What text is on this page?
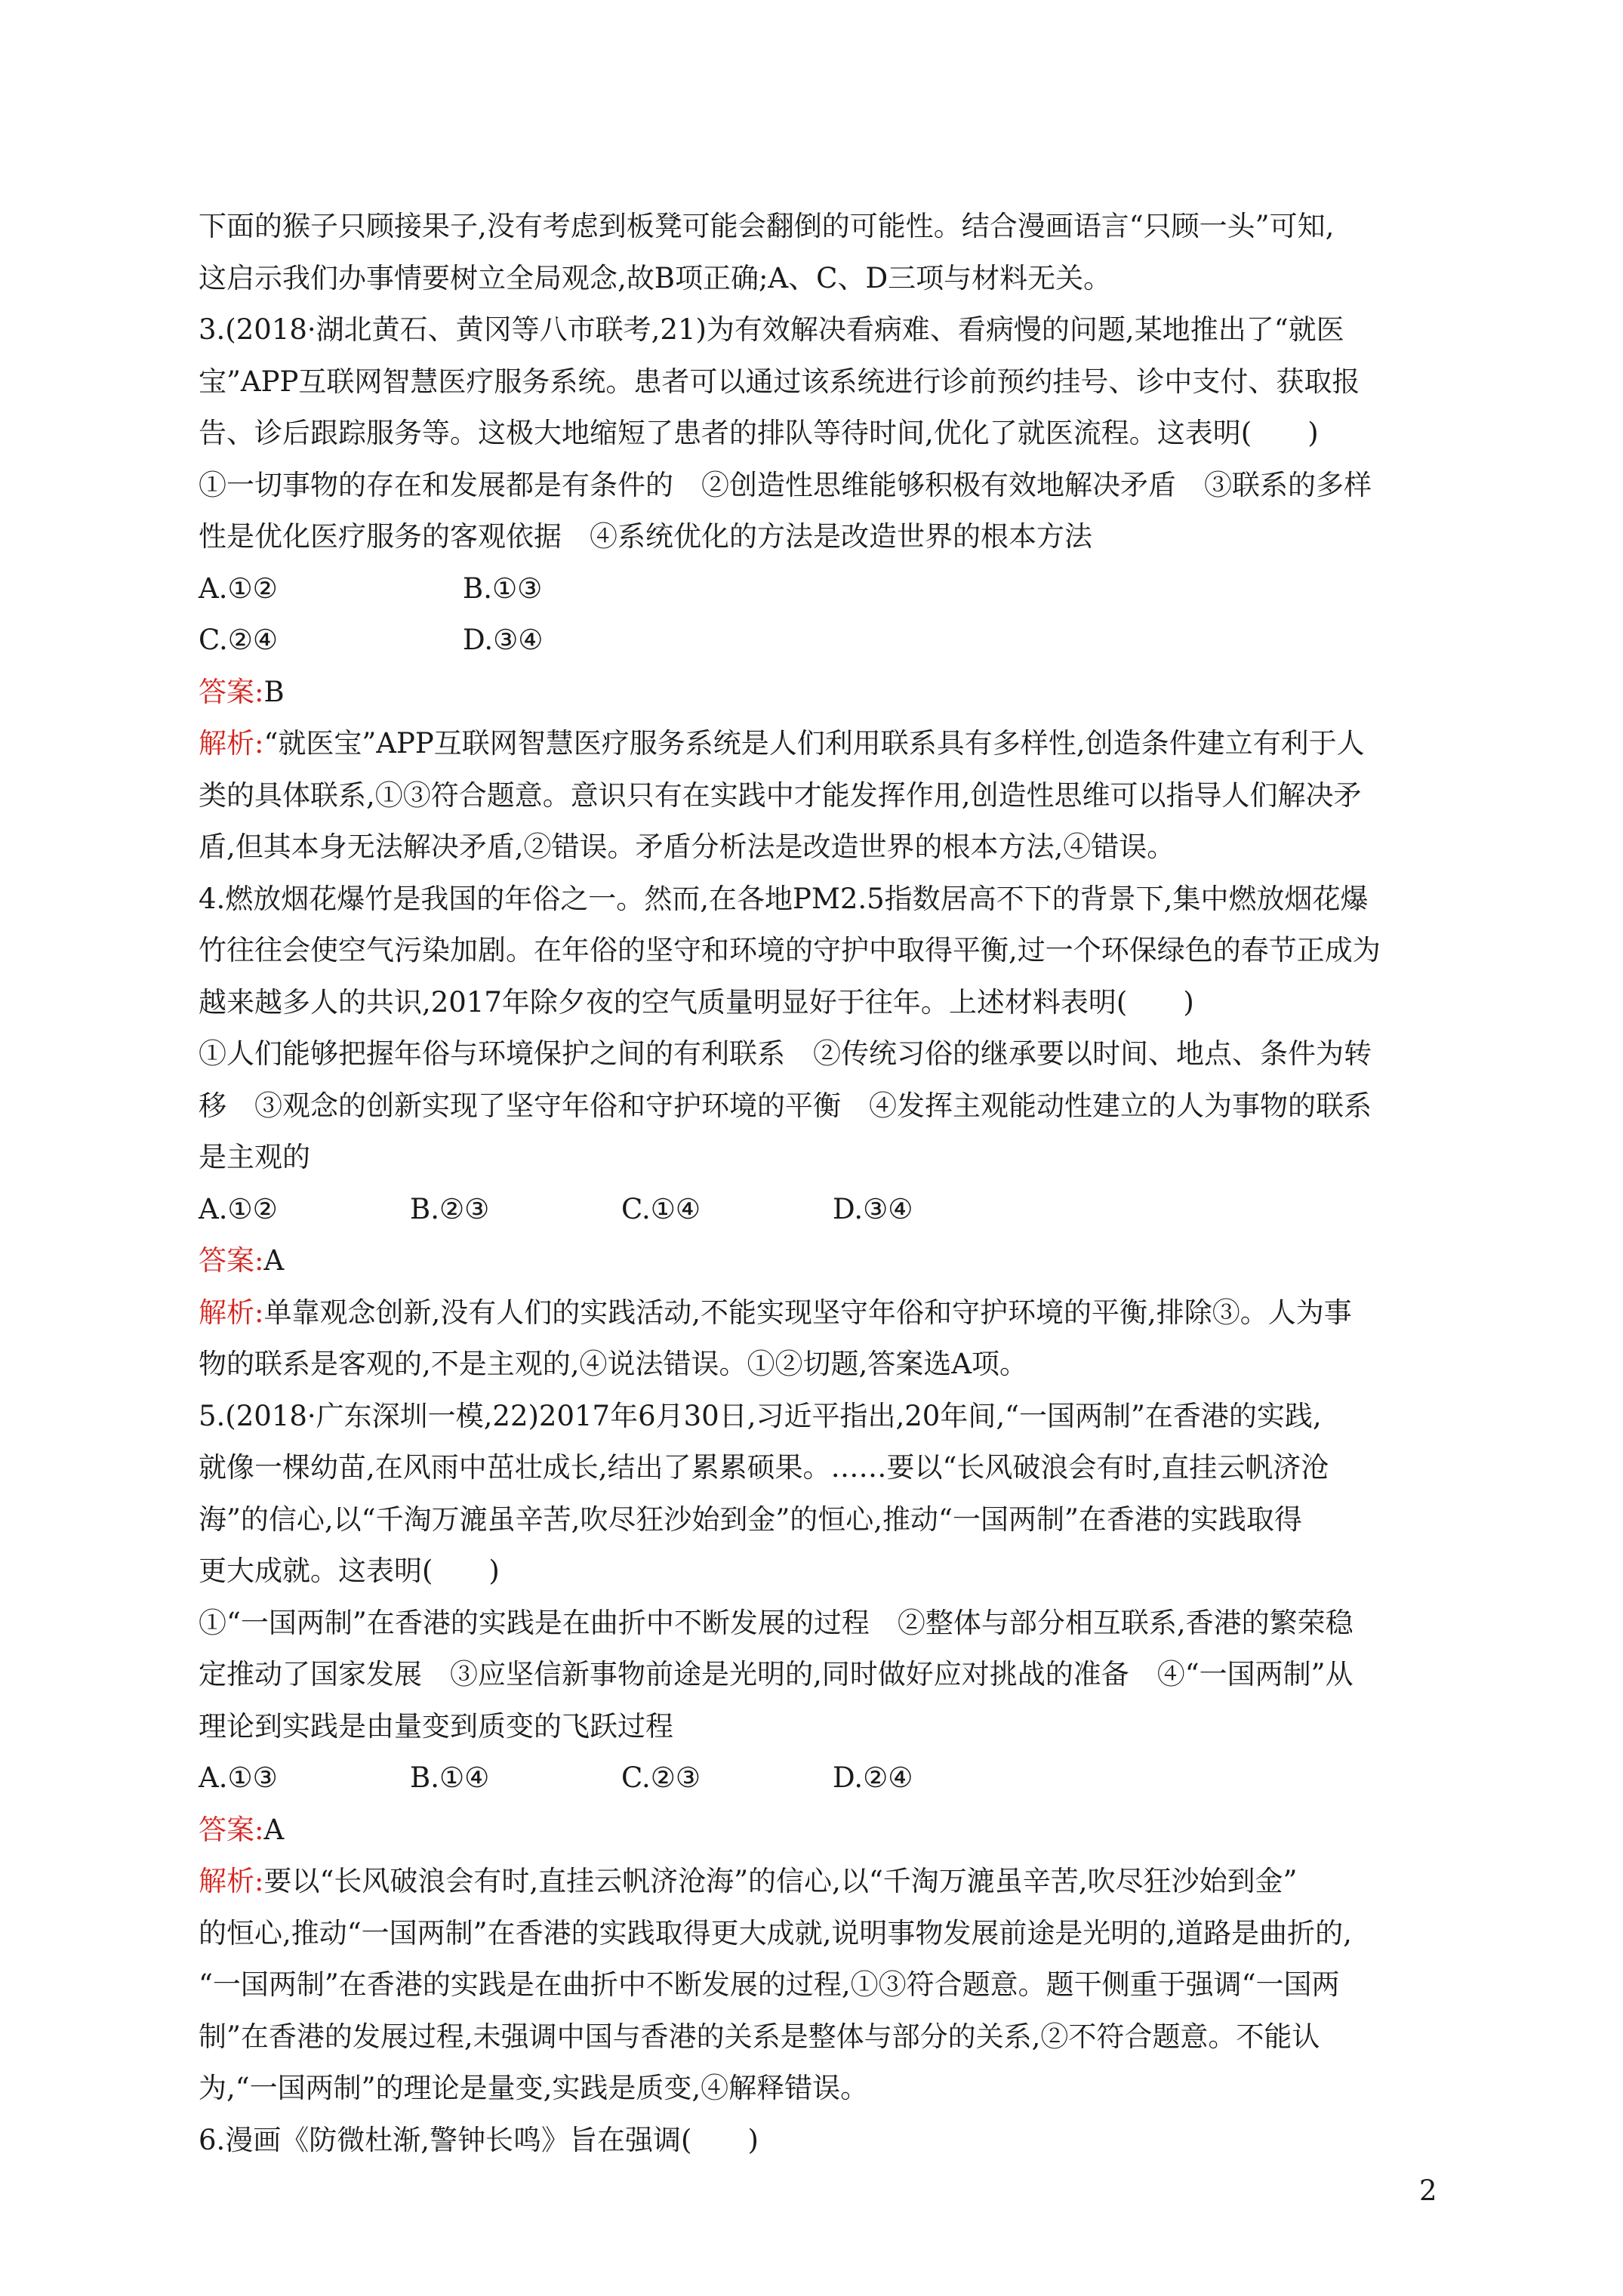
下面的猴子只顾接果子,没有考虑到板凳可能会翻倒的可能性。结合漫画语言“只顾一头”可知,
这启示我们办事情要树立全局观念,故B项正确;A、C、D三项与材料无关。
3.(2018·湖北黄石、黄冈等八市联考,21)为有效解决看病难、看病慢的问题,某地推出了“就医
宝”APP互联网智慧医疗服务系统。患者可以通过该系统进行诊前预约挂号、诊中支付、获取报
告、诊后跟踪服务等。这极大地缩短了患者的排队等待时间,优化了就医流程。这表明(　　)
①一切事物的存在和发展都是有条件的　②创造性思维能够积极有效地解决矛盾　③联系的多样
性是优化医疗服务的客观依据　④系统优化的方法是改造世界的根本方法
A.①②	B.①③
C.②④	D.③④
答案:B
解析:“就医宝”APP互联网智慧医疗服务系统是人们利用联系具有多样性,创造条件建立有利于人
类的具体联系,①③符合题意。意识只有在实践中才能发挥作用,创造性思维可以指导人们解决矛
盾,但其本身无法解决矛盾,②错误。矛盾分析法是改造世界的根本方法,④错误。
4.燃放烟花爆竹是我国的年俗之一。然而,在各地PM2.5指数居高不下的背景下,集中燃放烟花爆
竹往往会使空气污染加剧。在年俗的坚守和环境的守护中取得平衡,过一个环保绿色的春节正成为
越来越多人的共识,2017年除夕夜的空气质量明显好于往年。上述材料表明(　　)
①人们能够把握年俗与环境保护之间的有利联系　②传统习俗的继承要以时间、地点、条件为转
移　③观念的创新实现了坚守年俗和守护环境的平衡　④发挥主观能动性建立的人为事物的联系
是主观的
A.①②	B.②③	C.①④	D.③④
答案:A
解析:单靠观念创新,没有人们的实践活动,不能实现坚守年俗和守护环境的平衡,排除③。人为事
物的联系是客观的,不是主观的,④说法错误。①②切题,答案选A项。
5.(2018·广东深圳一模,22)2017年6月30日,习近平指出,20年间,“一国两制”在香港的实践,
就像一棵幼苗,在风雨中茁壮成长,结出了累累硕果。……要以“长风破浪会有时,直挂云帆济沧
海”的信心,以“千淘万漉虽辛苦,吹尽狂沙始到金”的恒心,推动“一国两制”在香港的实践取得
更大成就。这表明(　　)
①“一国两制”在香港的实践是在曲折中不断发展的过程　②整体与部分相互联系,香港的繁荣稳
定推动了国家发展　③应坚信新事物前途是光明的,同时做好应对挑战的准备　④“一国两制”从
理论到实践是由量变到质变的飞跃过程
A.①③	B.①④	C.②③	D.②④
答案:A
解析:要以“长风破浪会有时,直挂云帆济沧海”的信心,以“千淘万漉虽辛苦,吹尽狂沙始到金”
的恒心,推动“一国两制”在香港的实践取得更大成就,说明事物发展前途是光明的,道路是曲折的,
“一国两制”在香港的实践是在曲折中不断发展的过程,①③符合题意。题干侧重于强调“一国两
制”在香港的发展过程,未强调中国与香港的关系是整体与部分的关系,②不符合题意。不能认
为,“一国两制”的理论是量变,实践是质变,④解释错误。
6.漫画《防微杜渐,警钟长鸣》旨在强调(　　)
2
